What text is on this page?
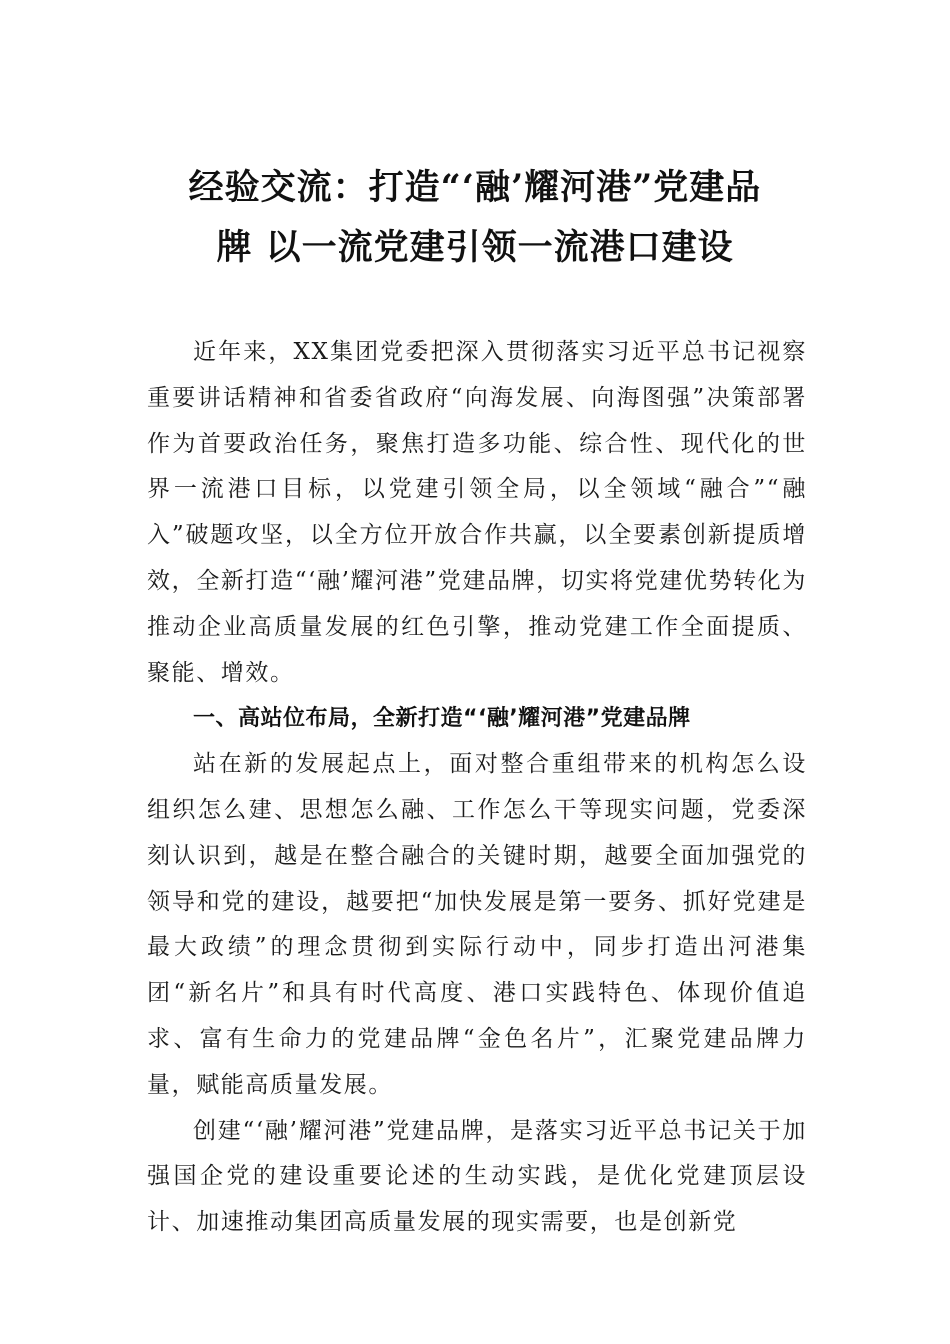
经验交流：打造“‘融’耀河港”党建品
牌 以一流党建引领一流港口建设

近年来，XX集团党委把深入贯彻落实习近平总书记视察重要讲话精神和省委省政府“向海发展、向海图强”决策部署作为首要政治任务，聚焦打造多功能、综合性、现代化的世界一流港口目标，以党建引领全局，以全领域“融合”“融入”破题攻坚，以全方位开放合作共赢，以全要素创新提质增效，全新打造“‘融’耀河港”党建品牌，切实将党建优势转化为推动企业高质量发展的红色引擎，推动党建工作全面提质、聚能、增效。

一、高站位布局，全新打造“‘融’耀河港”党建品牌

站在新的发展起点上，面对整合重组带来的机构怎么设组织怎么建、思想怎么融、工作怎么干等现实问题，党委深刻认识到，越是在整合融合的关键时期，越要全面加强党的领导和党的建设，越要把“加快发展是第一要务、抓好党建是最大政绩”的理念贯彻到实际行动中，同步打造出河港集团“新名片”和具有时代高度、港口实践特色、体现价值追求、富有生命力的党建品牌“金色名片”，汇聚党建品牌力量，赋能高质量发展。

创建“‘融’耀河港”党建品牌，是落实习近平总书记关于加强国企党的建设重要论述的生动实践，是优化党建顶层设计、加速推动集团高质量发展的现实需要，也是创新党
